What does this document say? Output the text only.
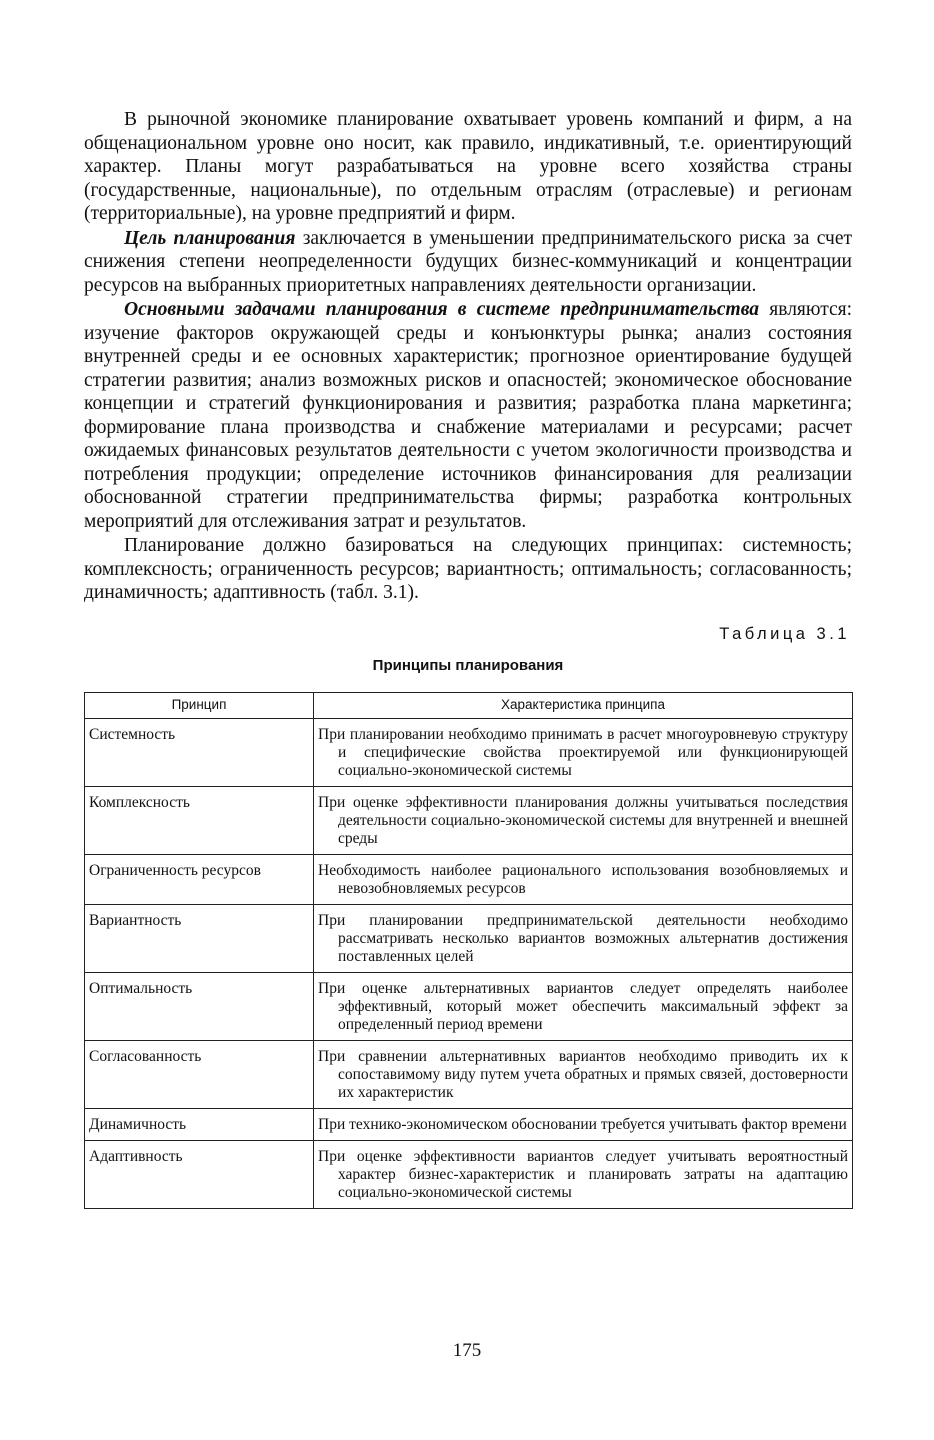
В рыночной экономике планирование охватывает уровень компаний и фирм, а на общенациональном уровне оно носит, как правило, индикативный, т.е. ориентирующий характер. Планы могут разрабатываться на уровне всего хозяйства страны (государственные, национальные), по отдельным отраслям (отраслевые) и регионам (территориальные), на уровне предприятий и фирм.

Цель планирования заключается в уменьшении предпринимательского риска за счет снижения степени неопределенности будущих бизнес-коммуникаций и концентрации ресурсов на выбранных приоритетных направлениях деятельности организации.

Основными задачами планирования в системе предпринимательства являются: изучение факторов окружающей среды и конъюнктуры рынка; анализ состояния внутренней среды и ее основных характеристик; прогнозное ориентирование будущей стратегии развития; анализ возможных рисков и опасностей; экономическое обоснование концепции и стратегий функционирования и развития; разработка плана маркетинга; формирование плана производства и снабжение материалами и ресурсами; расчет ожидаемых финансовых результатов деятельности с учетом экологичности производства и потребления продукции; определение источников финансирования для реализации обоснованной стратегии предпринимательства фирмы; разработка контрольных мероприятий для отслеживания затрат и результатов.

Планирование должно базироваться на следующих принципах: системность; комплексность; ограниченность ресурсов; вариантность; оптимальность; согласованность; динамичность; адаптивность (табл. 3.1).

Таблица 3.1
Принципы планирования
Принцип	Характеристика принципа
Системность	При планировании необходимо принимать в расчет многоуровневую структуру и специфические свойства проектируемой или функционирующей социально-экономической системы
Комплексность	При оценке эффективности планирования должны учитываться последствия деятельности социально-экономической системы для внутренней и внешней среды
Ограниченность ресурсов	Необходимость наиболее рационального использования возобновляемых и невозобновляемых ресурсов
Вариантность	При планировании предпринимательской деятельности необходимо рассматривать несколько вариантов возможных альтернатив достижения поставленных целей
Оптимальность	При оценке альтернативных вариантов следует определять наиболее эффективный, который может обеспечить максимальный эффект за определенный период времени
Согласованность	При сравнении альтернативных вариантов необходимо приводить их к сопоставимому виду путем учета обратных и прямых связей, достоверности их характеристик
Динамичность	При технико-экономическом обосновании требуется учитывать фактор времени
Адаптивность	При оценке эффективности вариантов следует учитывать вероятностный характер бизнес-характеристик и планировать затраты на адаптацию социально-экономической системы
175
